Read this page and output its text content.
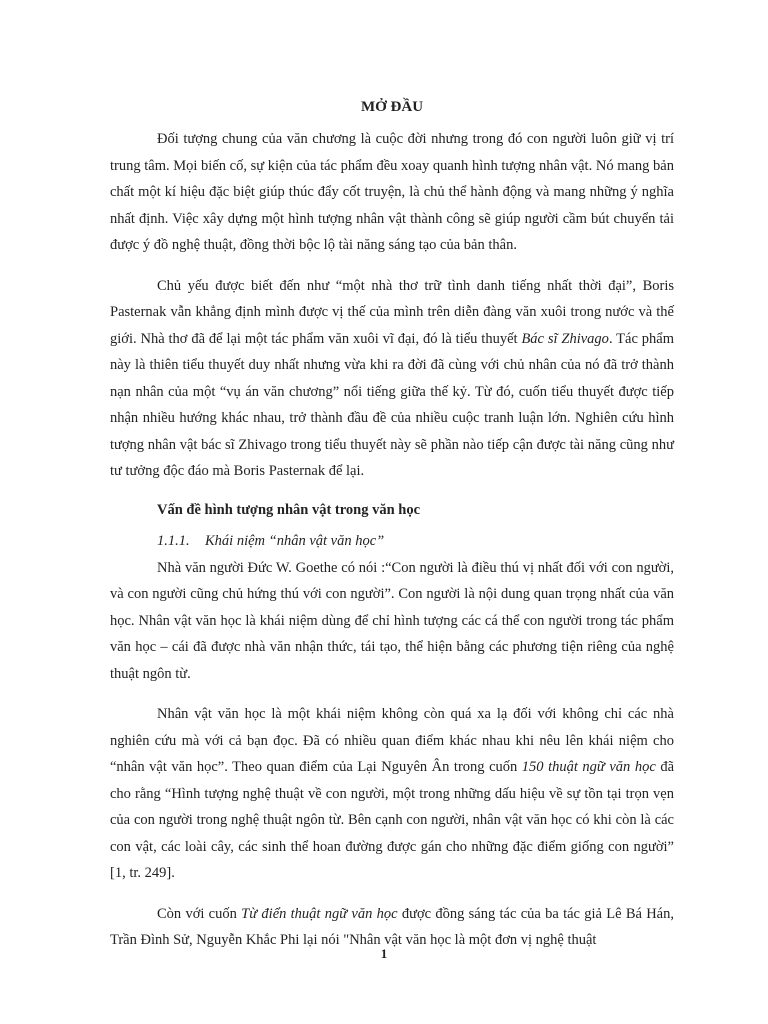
MỞ ĐẦU

Đối tượng chung của văn chương là cuộc đời nhưng trong đó con người luôn giữ vị trí trung tâm. Mọi biến cố, sự kiện của tác phẩm đều xoay quanh hình tượng nhân vật. Nó mang bản chất một kí hiệu đặc biệt giúp thúc đẩy cốt truyện, là chủ thể hành động và mang những ý nghĩa nhất định. Việc xây dựng một hình tượng nhân vật thành công sẽ giúp người cầm bút chuyển tải được ý đồ nghệ thuật, đồng thời bộc lộ tài năng sáng tạo của bản thân.

Chủ yếu được biết đến như “một nhà thơ trữ tình danh tiếng nhất thời đại”, Boris Pasternak vẫn khẳng định mình được vị thế của mình trên diễn đàng văn xuôi trong nước và thế giới. Nhà thơ đã để lại một tác phẩm văn xuôi vĩ đại, đó là tiểu thuyết Bác sĩ Zhivago. Tác phẩm này là thiên tiểu thuyết duy nhất nhưng vừa khi ra đời đã cùng với chủ nhân của nó đã trở thành nạn nhân của một “vụ án văn chương” nổi tiếng giữa thế kỷ. Từ đó, cuốn tiểu thuyết được tiếp nhận nhiều hướng khác nhau, trở thành đầu đề của nhiều cuộc tranh luận lớn. Nghiên cứu hình tượng nhân vật bác sĩ Zhivago trong tiểu thuyết này sẽ phần nào tiếp cận được tài năng cũng như tư tưởng độc đáo mà Boris Pasternak để lại.

Vấn đề hình tượng nhân vật trong văn học
1.1.1. Khái niệm “nhân vật văn học”

Nhà văn người Đức W. Goethe có nói :“Con người là điều thú vị nhất đối với con người, và con người cũng chủ hứng thú với con người”. Con người là nội dung quan trọng nhất của văn học. Nhân vật văn học là khái niệm dùng để chỉ hình tượng các cá thể con người trong tác phẩm văn học – cái đã được nhà văn nhận thức, tái tạo, thể hiện bằng các phương tiện riêng của nghệ thuật ngôn từ.

Nhân vật văn học là một khái niệm không còn quá xa lạ đối với không chỉ các nhà nghiên cứu mà với cả bạn đọc. Đã có nhiều quan điểm khác nhau khi nêu lên khái niệm cho “nhân vật văn học”. Theo quan điểm của Lại Nguyên Ân trong cuốn 150 thuật ngữ văn học đã cho rằng “Hình tượng nghệ thuật về con người, một trong những dấu hiệu về sự tồn tại trọn vẹn của con người trong nghệ thuật ngôn từ. Bên cạnh con người, nhân vật văn học có khi còn là các con vật, các loài cây, các sinh thể hoan đường được gán cho những đặc điểm giống con người” [1, tr. 249].

Còn với cuốn Từ điển thuật ngữ văn học được đồng sáng tác của ba tác giả Lê Bá Hán, Trần Đình Sử, Nguyễn Khắc Phi lại nói "Nhân vật văn học là một đơn vị nghệ thuật

1
